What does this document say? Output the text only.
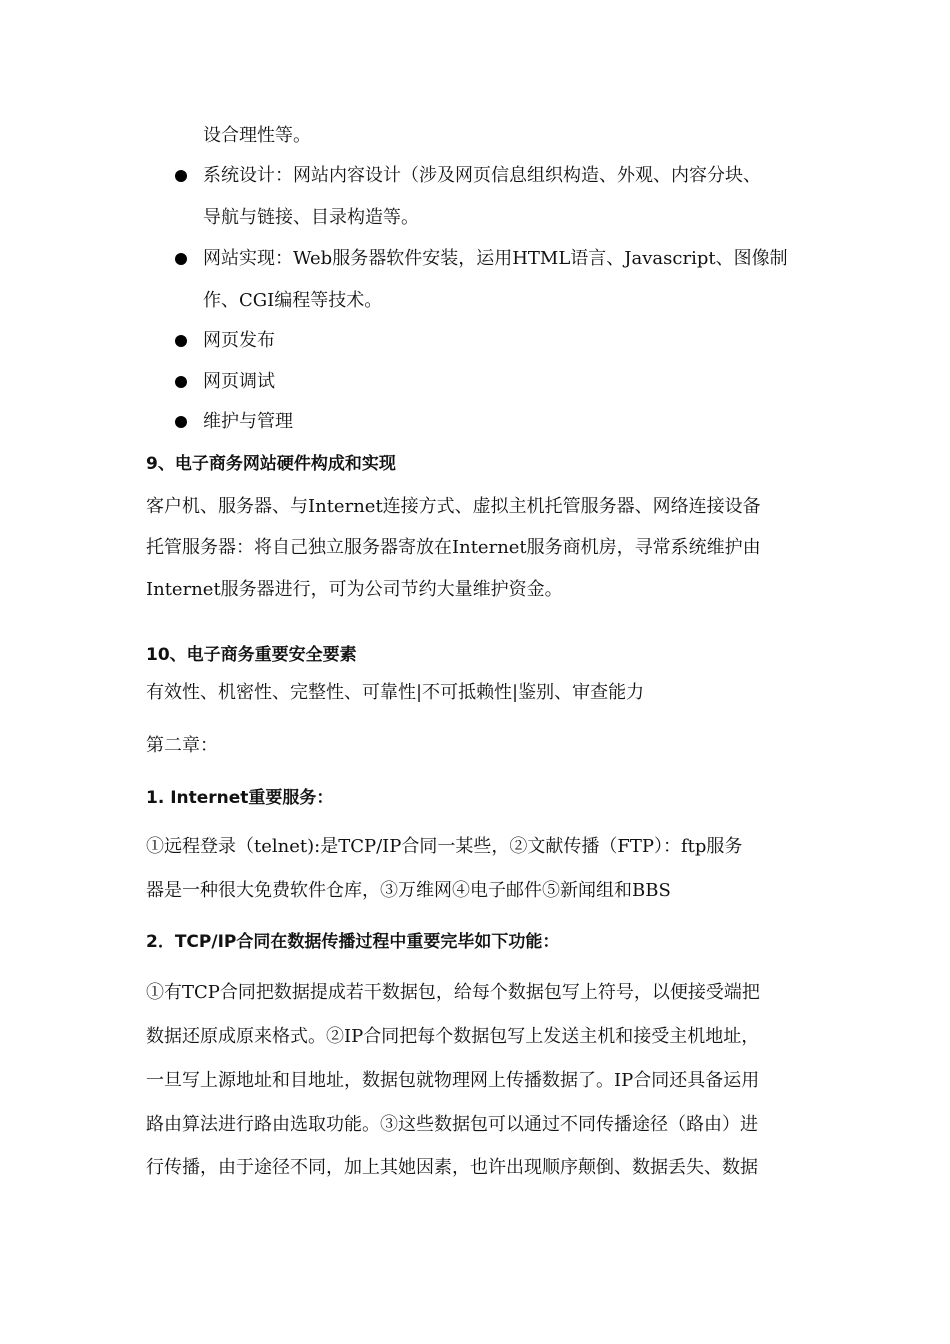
设合理性等。

系统设计：网站内容设计（涉及网页信息组织构造、外观、内容分块、

导航与链接、目录构造等。

网站实现：Web服务器软件安装，运用HTML语言、Javascript、图像制

作、CGI编程等技术。

网页发布
网页调试
维护与管理

9、电子商务网站硬件构成和实现

客户机、服务器、与Internet连接方式、虚拟主机托管服务器、网络连接设备

托管服务器：将自己独立服务器寄放在Internet服务商机房，寻常系统维护由

Internet服务器进行，可为公司节约大量维护资金。

10、电子商务重要安全要素

有效性、机密性、完整性、可靠性|不可抵赖性|鉴别、审查能力

第二章：

1. Internet重要服务：

①远程登录（telnet):是TCP/IP合同一某些，②文献传播（FTP）：ftp服务

器是一种很大免费软件仓库，③万维网④电子邮件⑤新闻组和BBS

2．TCP/IP合同在数据传播过程中重要完毕如下功能：

①有TCP合同把数据提成若干数据包，给每个数据包写上符号，以便接受端把

数据还原成原来格式。②IP合同把每个数据包写上发送主机和接受主机地址，

一旦写上源地址和目地址，数据包就物理网上传播数据了。IP合同还具备运用

路由算法进行路由选取功能。③这些数据包可以通过不同传播途径（路由）进

行传播，由于途径不同，加上其她因素，也许出现顺序颠倒、数据丢失、数据
